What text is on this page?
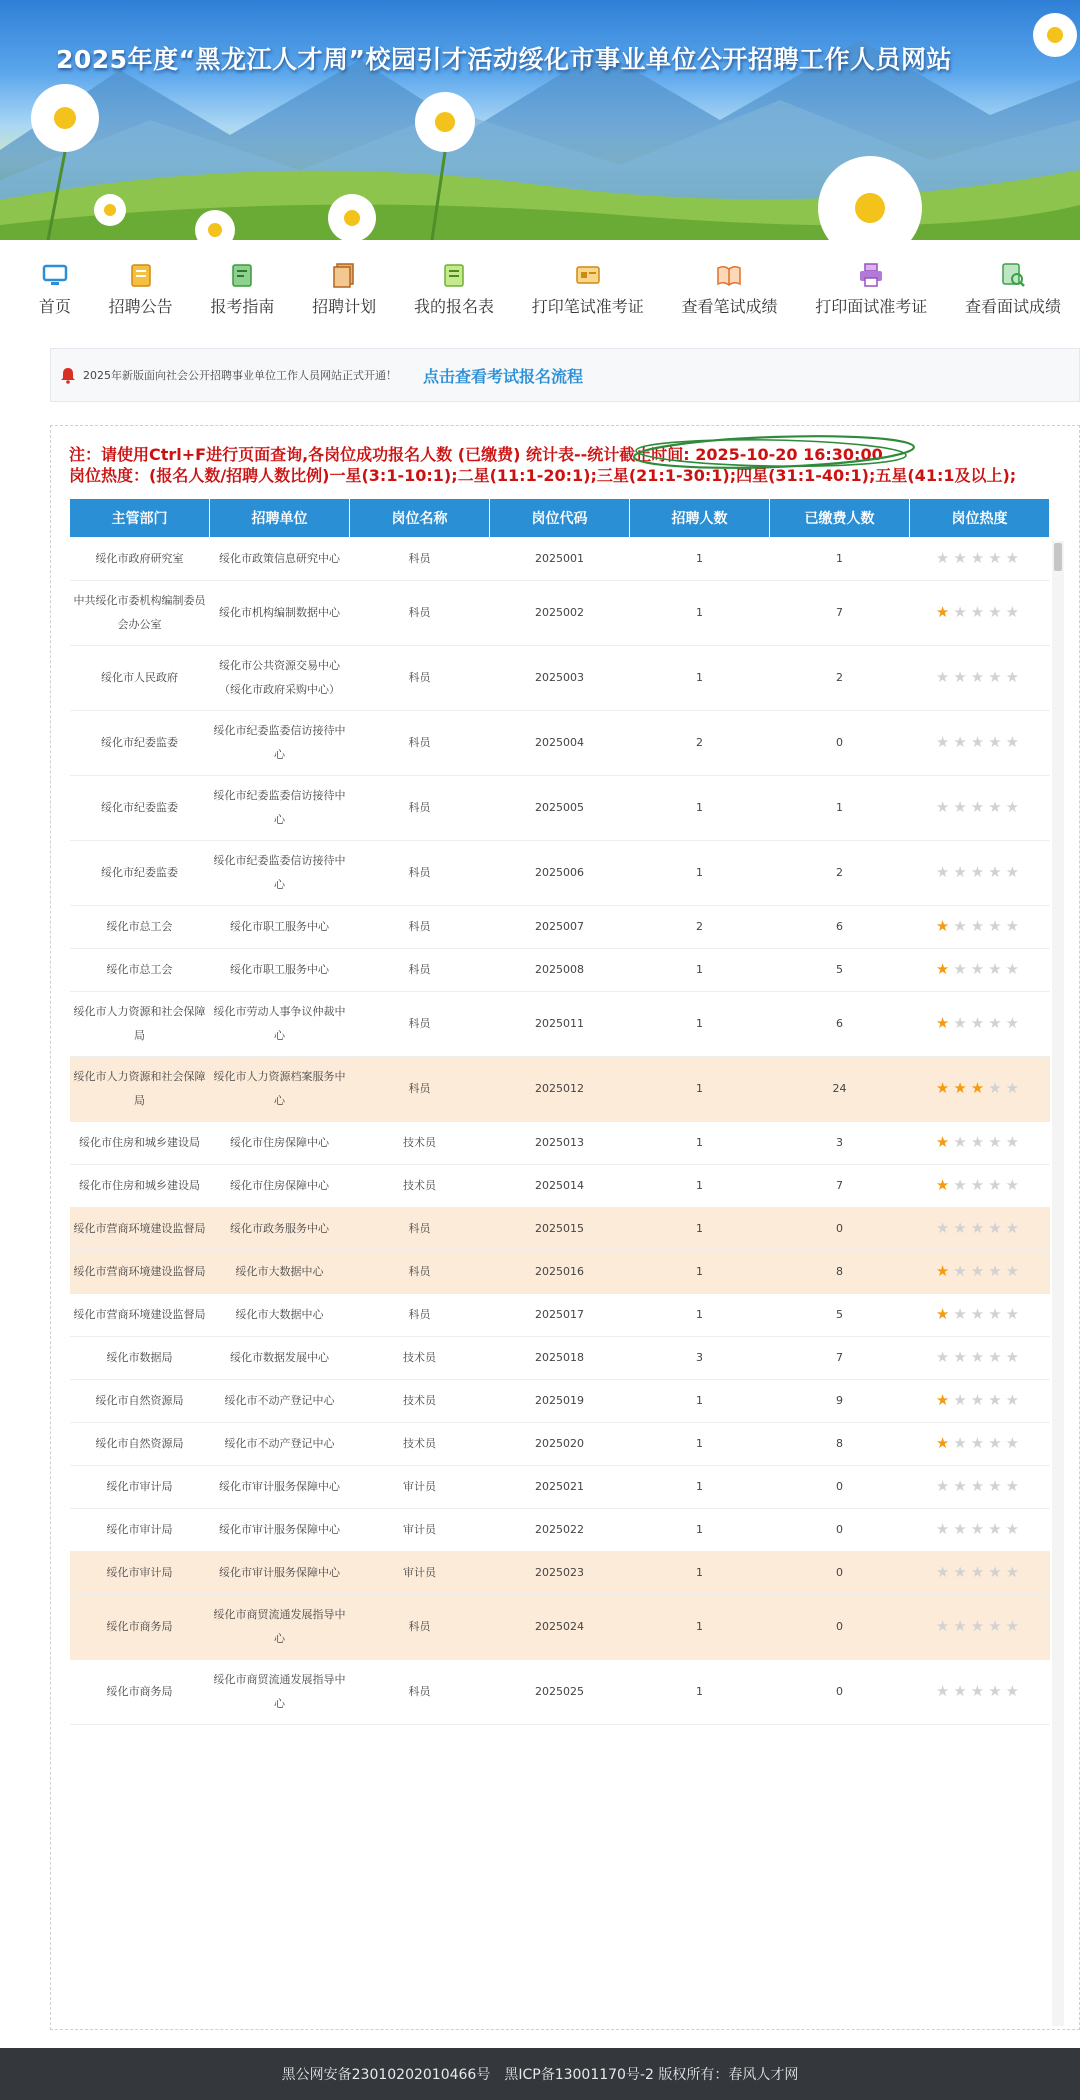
2025年度“黑龙江人才周”校园引才活动绥化市事业单位公开招聘工作人员网站
首页 招聘公告 报考指南 招聘计划 我的报名表 打印笔试准考证 查看笔试成绩 打印面试准考证 查看面试成绩
2025年新版面向社会公开招聘事业单位工作人员网站正式开通！ 点击查看考试报名流程
注：请使用Ctrl+F进行页面查询,各岗位成功报名人数 (已缴费) 统计表--统计截止时间: 2025-10-20 16:30:00
岗位热度：(报名人数/招聘人数比例)一星(3:1-10:1);二星(11:1-20:1);三星(21:1-30:1);四星(31:1-40:1);五星(41:1及以上);
主管部门	招聘单位	岗位名称	岗位代码	招聘人数	已缴费人数	岗位热度
绥化市政府研究室	绥化市政策信息研究中心	科员	2025001	1	1	★★★★★
中共绥化市委机构编制委员会办公室	绥化市机构编制数据中心	科员	2025002	1	7	★★★★★
绥化市人民政府	绥化市公共资源交易中心（绥化市政府采购中心）	科员	2025003	1	2	★★★★★
绥化市纪委监委	绥化市纪委监委信访接待中心	科员	2025004	2	0	★★★★★
绥化市纪委监委	绥化市纪委监委信访接待中心	科员	2025005	1	1	★★★★★
绥化市纪委监委	绥化市纪委监委信访接待中心	科员	2025006	1	2	★★★★★
绥化市总工会	绥化市职工服务中心	科员	2025007	2	6	★★★★★
绥化市总工会	绥化市职工服务中心	科员	2025008	1	5	★★★★★
绥化市人力资源和社会保障局	绥化市劳动人事争议仲裁中心	科员	2025011	1	6	★★★★★
绥化市人力资源和社会保障局	绥化市人力资源档案服务中心	科员	2025012	1	24	★★★★★
绥化市住房和城乡建设局	绥化市住房保障中心	技术员	2025013	1	3	★★★★★
绥化市住房和城乡建设局	绥化市住房保障中心	技术员	2025014	1	7	★★★★★
绥化市营商环境建设监督局	绥化市政务服务中心	科员	2025015	1	0	★★★★★
绥化市营商环境建设监督局	绥化市大数据中心	科员	2025016	1	8	★★★★★
绥化市营商环境建设监督局	绥化市大数据中心	科员	2025017	1	5	★★★★★
绥化市数据局	绥化市数据发展中心	技术员	2025018	3	7	★★★★★
绥化市自然资源局	绥化市不动产登记中心	技术员	2025019	1	9	★★★★★
绥化市自然资源局	绥化市不动产登记中心	技术员	2025020	1	8	★★★★★
绥化市审计局	绥化市审计服务保障中心	审计员	2025021	1	0	★★★★★
绥化市审计局	绥化市审计服务保障中心	审计员	2025022	1	0	★★★★★
绥化市审计局	绥化市审计服务保障中心	审计员	2025023	1	0	★★★★★
绥化市商务局	绥化市商贸流通发展指导中心	科员	2025024	1	0	★★★★★
绥化市商务局	绥化市商贸流通发展指导中心	科员	2025025	1	0	★★★★★
黑公网安备23010202010466号　黑ICP备13001170号-2 版权所有：春风人才网
